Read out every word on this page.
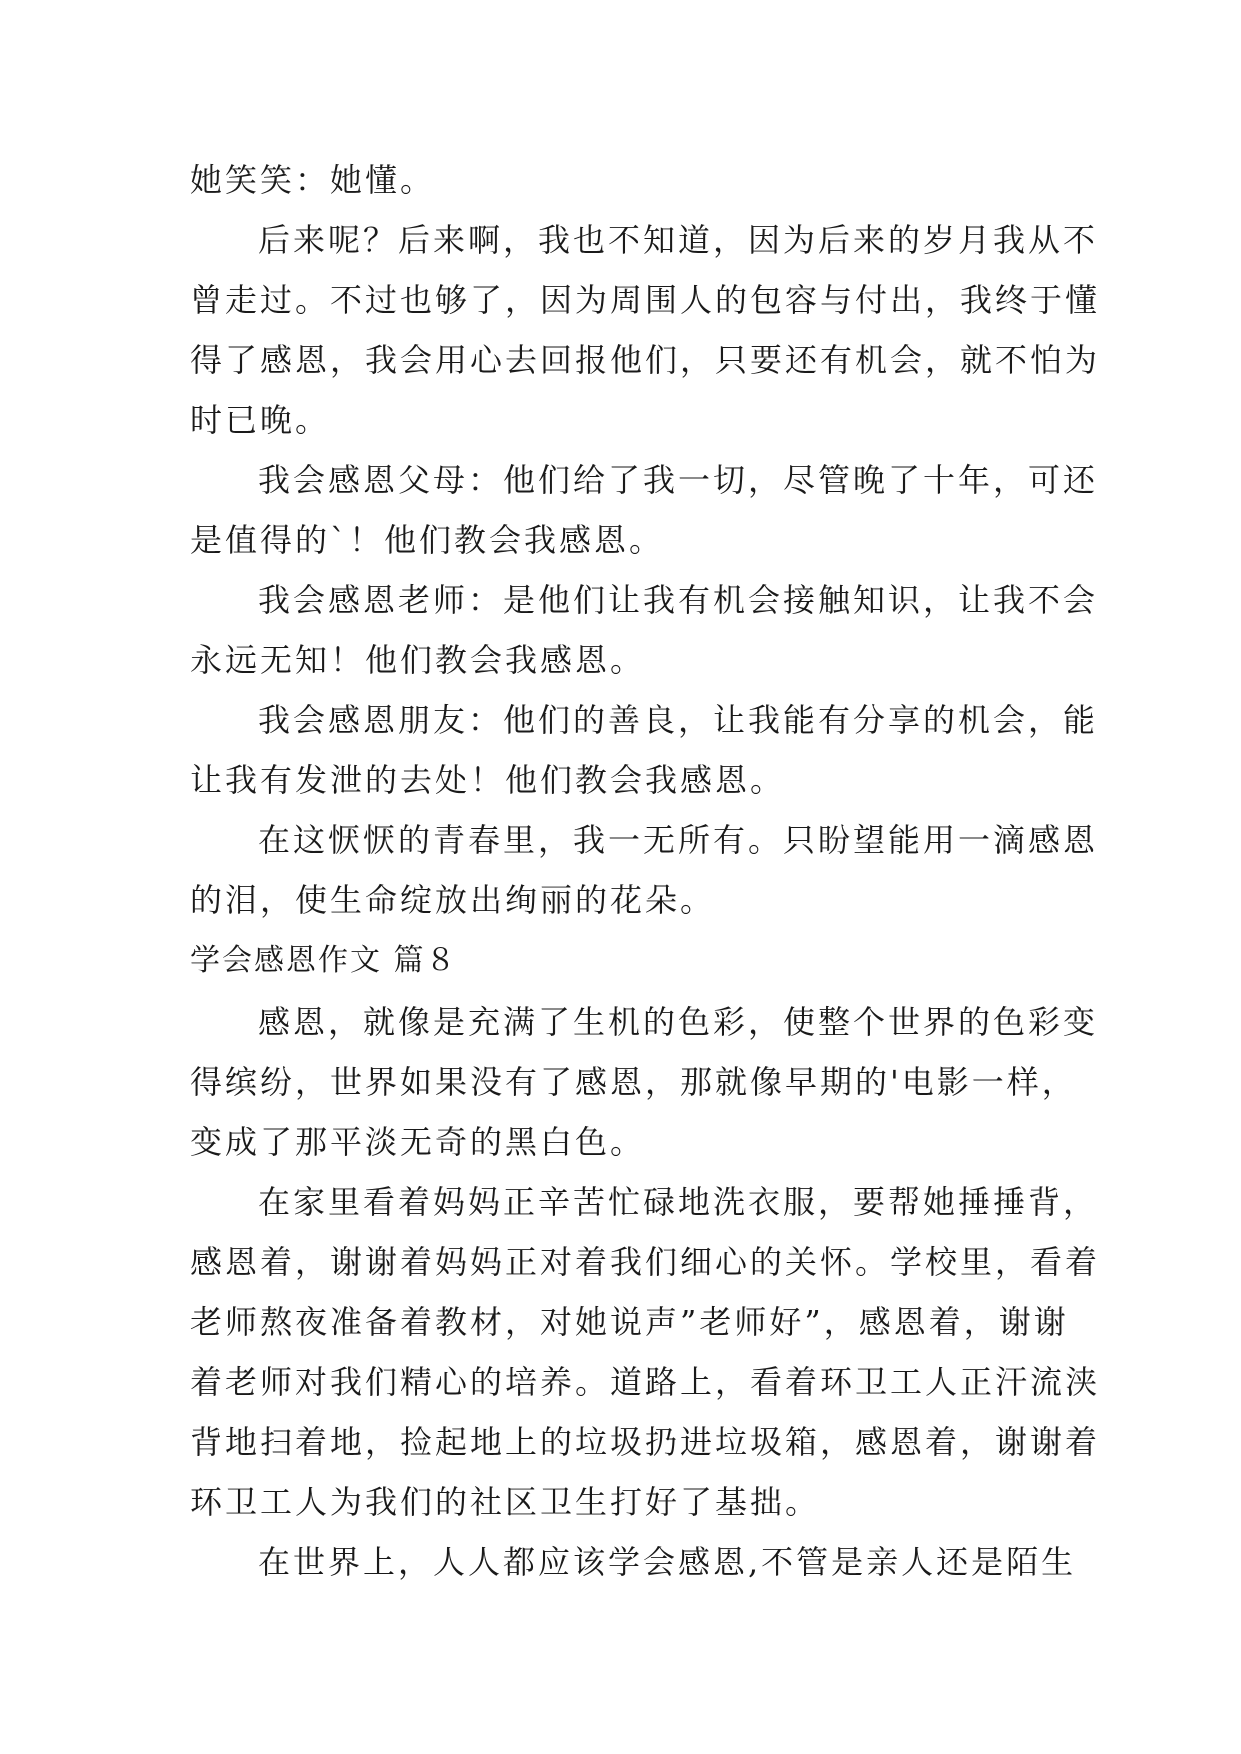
她笑笑：她懂。

后来呢？后来啊，我也不知道，因为后来的岁月我从不

曾走过。不过也够了，因为周围人的包容与付出，我终于懂

得了感恩，我会用心去回报他们，只要还有机会，就不怕为

时已晚。

我会感恩父母：他们给了我一切，尽管晚了十年，可还

是值得的`！他们教会我感恩。

我会感恩老师：是他们让我有机会接触知识，让我不会

永远无知！他们教会我感恩。

我会感恩朋友：他们的善良，让我能有分享的机会，能

让我有发泄的去处！他们教会我感恩。

在这恹恹的青春里，我一无所有。只盼望能用一滴感恩

的泪，使生命绽放出绚丽的花朵。

学会感恩作文 篇８

感恩，就像是充满了生机的色彩，使整个世界的色彩变

得缤纷，世界如果没有了感恩，那就像早期的'电影一样，

变成了那平淡无奇的黑白色。

在家里看着妈妈正辛苦忙碌地洗衣服，要帮她捶捶背，

感恩着，谢谢着妈妈正对着我们细心的关怀。学校里，看着

老师熬夜准备着教材，对她说声”老师好”，感恩着，谢谢

着老师对我们精心的培养。道路上，看着环卫工人正汗流浃

背地扫着地，捡起地上的垃圾扔进垃圾箱，感恩着，谢谢着

环卫工人为我们的社区卫生打好了基拙。

在世界上，人人都应该学会感恩,不管是亲人还是陌生
